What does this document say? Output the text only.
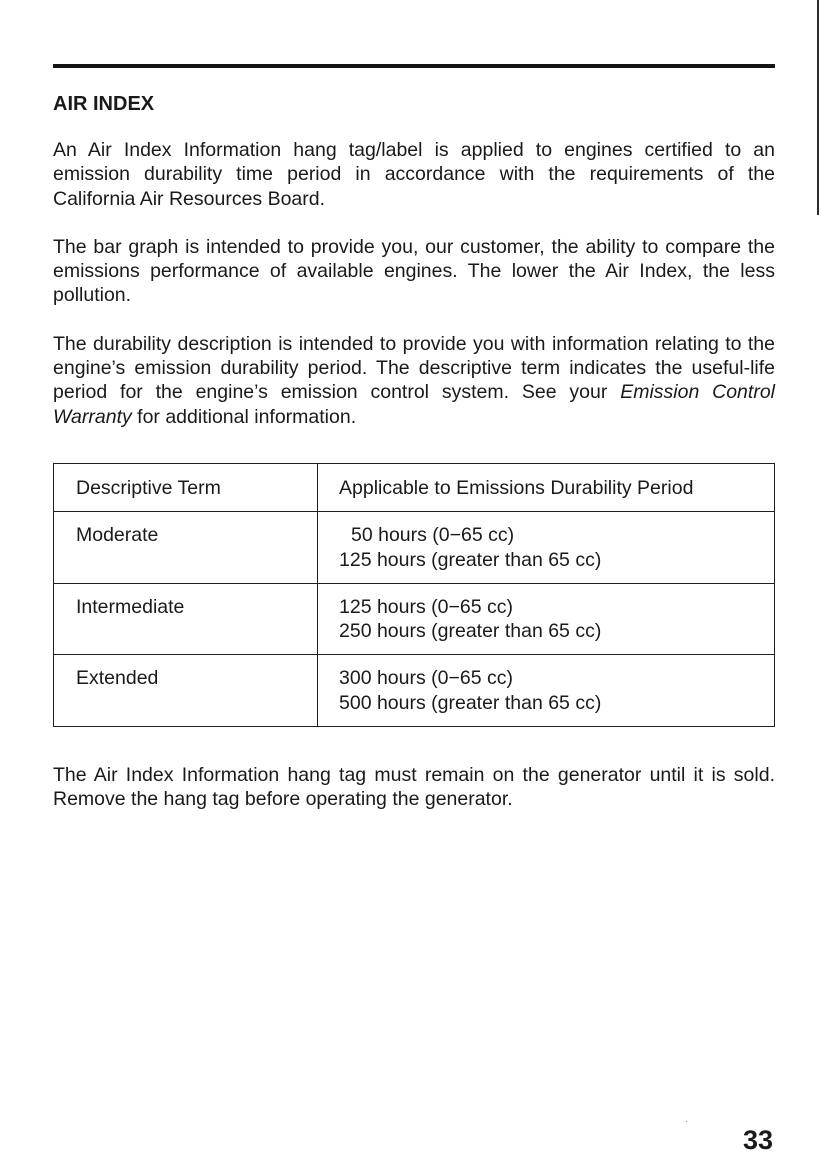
AIR INDEX

An Air Index Information hang tag/label is applied to engines certified to an emission durability time period in accordance with the requirements of the California Air Resources Board.

The bar graph is intended to provide you, our customer, the ability to compare the emissions performance of available engines. The lower the Air Index, the less pollution.

The durability description is intended to provide you with information relating to the engine’s emission durability period. The descriptive term indicates the useful-life period for the engine’s emission control system. See your Emission Control Warranty for additional information.

Descriptive Term	Applicable to Emissions Durability Period
Moderate	50 hours (0−65 cc)
125 hours (greater than 65 cc)

Intermediate	125 hours (0−65 cc)
250 hours (greater than 65 cc)

Extended	300 hours (0−65 cc)
500 hours (greater than 65 cc)

The Air Index Information hang tag must remain on the generator until it is sold. Remove the hang tag before operating the generator.

33
